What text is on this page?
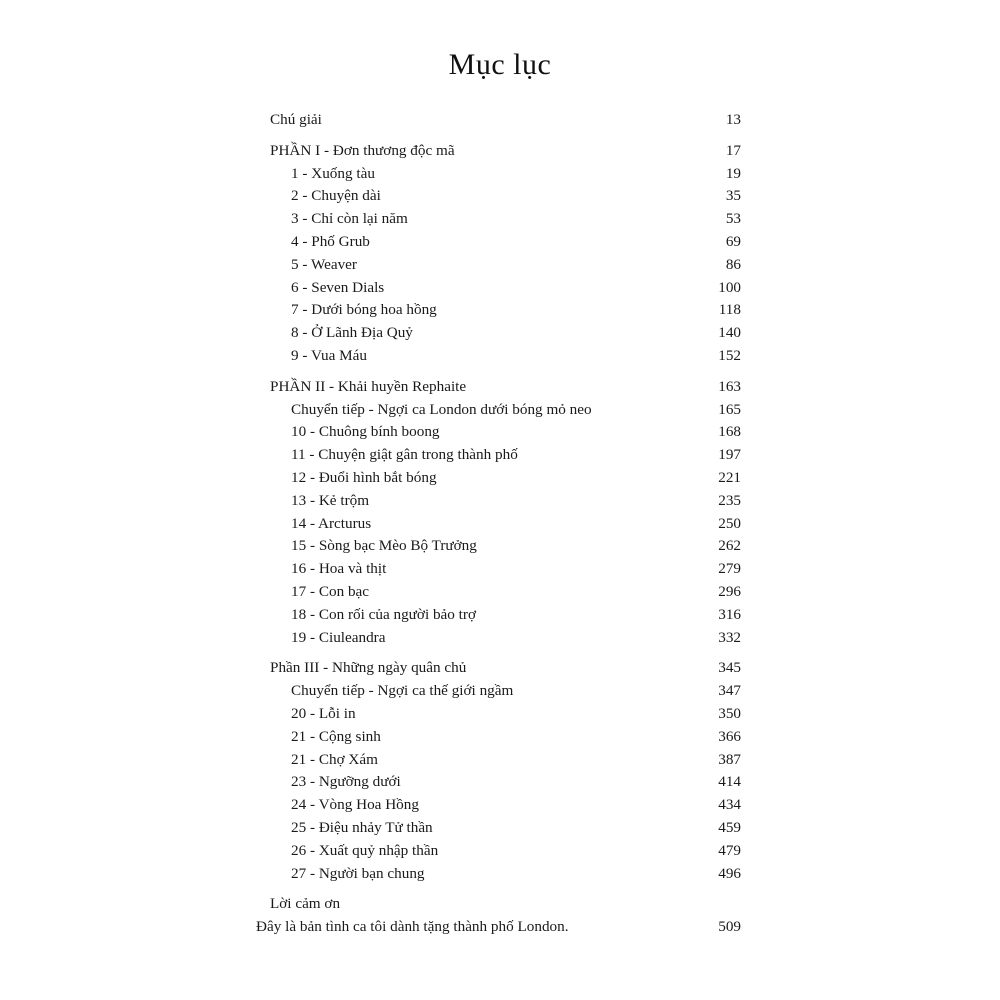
Mục lục
Chú giải	13
PHẦN I - Đơn thương độc mã	17
1 - Xuống tàu	19
2 - Chuyện dài	35
3 - Chỉ còn lại năm	53
4 - Phố Grub	69
5 - Weaver	86
6 - Seven Dials	100
7 - Dưới bóng hoa hồng	118
8 - Ở Lãnh Địa Quỷ	140
9 - Vua Máu	152
PHẦN II - Khải huyền Rephaite	163
Chuyển tiếp - Ngợi ca London dưới bóng mỏ neo	165
10 - Chuông bính boong	168
11 - Chuyện giật gân trong thành phố	197
12 - Đuổi hình bắt bóng	221
13 - Kẻ trộm	235
14 - Arcturus	250
15 - Sòng bạc Mèo Bộ Trưởng	262
16 - Hoa và thịt	279
17 - Con bạc	296
18 - Con rối của người bảo trợ	316
19 - Ciuleandra	332
Phần III - Những ngày quân chủ	345
Chuyển tiếp - Ngợi ca thế giới ngầm	347
20 - Lỗi in	350
21 - Cộng sinh	366
21 - Chợ Xám	387
23 - Ngưỡng dưới	414
24 - Vòng Hoa Hồng	434
25 - Điệu nhảy Tử thần	459
26 - Xuất quỷ nhập thần	479
27 - Người bạn chung	496
Lời cảm ơn
Đây là bản tình ca tôi dành tặng thành phố London.	509
